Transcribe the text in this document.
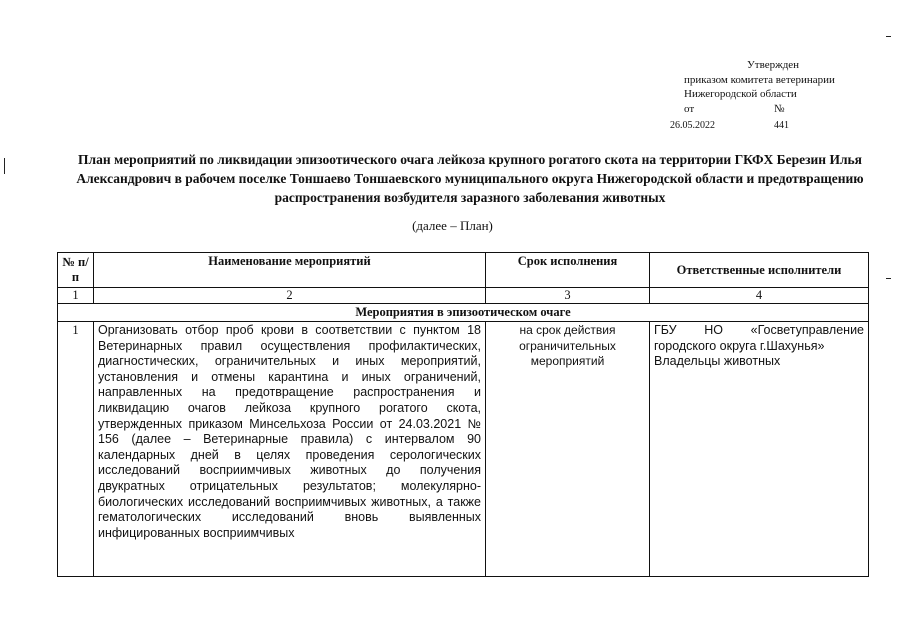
Утвержден
приказом комитета ветеринарии
Нижегородской области
от	№
26.05.2022	441
План мероприятий по ликвидации эпизоотического очага лейкоза крупного рогатого скота на территории ГКФХ Березин Илья Александрович в рабочем поселке Тоншаево Тоншаевского муниципального округа Нижегородской области и предотвращению распространения возбудителя заразного заболевания животных
(далее – План)
№ п/п	Наименование мероприятий	Срок исполнения	Ответственные исполнители
1	2	3	4
Мероприятия в эпизоотическом очаге			
1	Организовать отбор проб крови в соответствии с пунктом 18 Ветеринарных правил осуществления профилактических, диагностических, ограничительных и иных мероприятий, установления и отмены карантина и иных ограничений, направленных на предотвращение распространения и ликвидацию очагов лейкоза крупного рогатого скота, утвержденных приказом Минсельхоза России от 24.03.2021 № 156 (далее – Ветеринарные правила) с интервалом 90 календарных дней в целях проведения серологических исследований восприимчивых животных до получения двукратных отрицательных результатов; молекулярно-биологических исследований восприимчивых животных, а также гематологических исследований вновь выявленных инфицированных восприимчивых	на срок действия ограничительных мероприятий	ГБУ НО «Госветуправление городского округа г.Шахунья»
Владельцы животных
